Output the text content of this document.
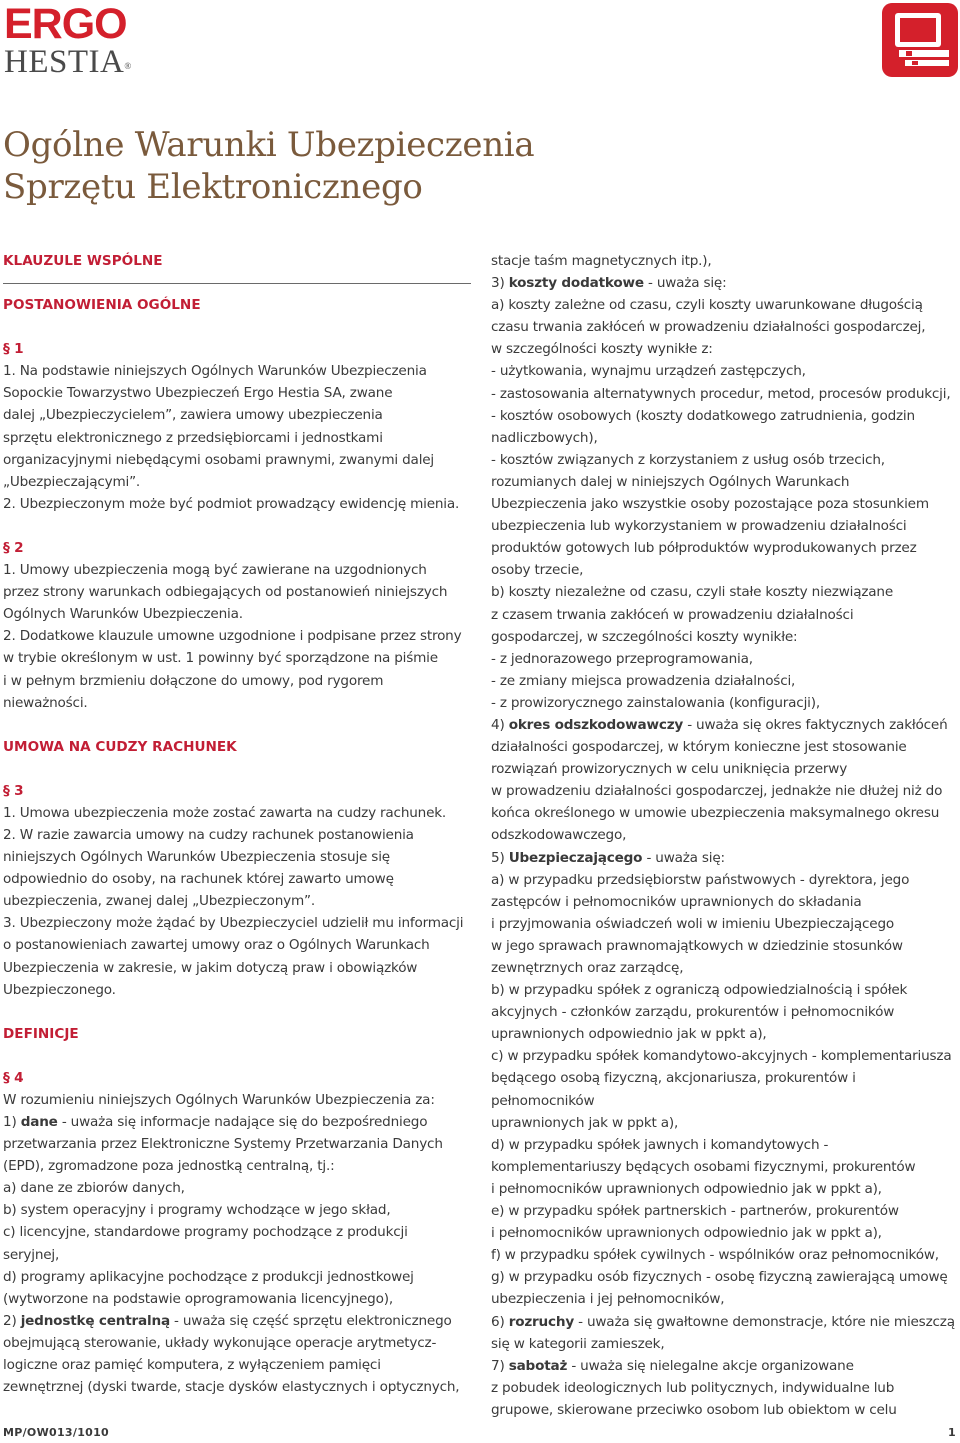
ERGO
HESTIA®
Ogólne Warunki Ubezpieczenia
Sprzętu Elektronicznego

KLAUZULE WSPÓLNE

POSTANOWIENIA OGÓLNE

§ 1

1. Na podstawie niniejszych Ogólnych Warunków Ubezpieczenia
Sopockie Towarzystwo Ubezpieczeń Ergo Hestia SA, zwane
dalej „Ubezpieczycielem”, zawiera umowy ubezpieczenia
sprzętu elektronicznego z przedsiębiorcami i jednostkami
organizacyjnymi niebędącymi osobami prawnymi, zwanymi dalej
„Ubezpieczającymi”.

2. Ubezpieczonym może być podmiot prowadzący ewidencję mienia.

§ 2

1. Umowy ubezpieczenia mogą być zawierane na uzgodnionych
przez strony warunkach odbiegających od postanowień niniejszych
Ogólnych Warunków Ubezpieczenia.

2. Dodatkowe klauzule umowne uzgodnione i podpisane przez strony
w trybie określonym w ust. 1 powinny być sporządzone na piśmie
i w pełnym brzmieniu dołączone do umowy, pod rygorem
nieważności.

UMOWA NA CUDZY RACHUNEK

§ 3

1. Umowa ubezpieczenia może zostać zawarta na cudzy rachunek.

2. W razie zawarcia umowy na cudzy rachunek postanowienia
niniejszych Ogólnych Warunków Ubezpieczenia stosuje się
odpowiednio do osoby, na rachunek której zawarto umowę
ubezpieczenia, zwanej dalej „Ubezpieczonym”.

3. Ubezpieczony może żądać by Ubezpieczyciel udzielił mu informacji
o postanowieniach zawartej umowy oraz o Ogólnych Warunkach
Ubezpieczenia w zakresie, w jakim dotyczą praw i obowiązków
Ubezpieczonego.

DEFINICJE

§ 4

W rozumieniu niniejszych Ogólnych Warunków Ubezpieczenia za:

1) dane - uważa się informacje nadające się do bezpośredniego
przetwarzania przez Elektroniczne Systemy Przetwarzania Danych
(EPD), zgromadzone poza jednostką centralną, tj.:

a) dane ze zbiorów danych,

b) system operacyjny i programy wchodzące w jego skład,

c) licencyjne, standardowe programy pochodzące z produkcji
seryjnej,

d) programy aplikacyjne pochodzące z produkcji jednostkowej
(wytworzone na podstawie oprogramowania licencyjnego),

2) jednostkę centralną - uważa się część sprzętu elektronicznego
obejmującą sterowanie, układy wykonujące operacje arytmetycz-
logiczne oraz pamięć komputera, z wyłączeniem pamięci
zewnętrznej (dyski twarde, stacje dysków elastycznych i optycznych,

stacje taśm magnetycznych itp.),

3) koszty dodatkowe - uważa się:

a) koszty zależne od czasu, czyli koszty uwarunkowane długością
czasu trwania zakłóceń w prowadzeniu działalności gospodarczej,
w szczególności koszty wynikłe z:
- użytkowania, wynajmu urządzeń zastępczych,
- zastosowania alternatywnych procedur, metod, procesów produkcji,
- kosztów osobowych (koszty dodatkowego zatrudnienia, godzin
nadliczbowych),
- kosztów związanych z korzystaniem z usług osób trzecich,
rozumianych dalej w niniejszych Ogólnych Warunkach
Ubezpieczenia jako wszystkie osoby pozostające poza stosunkiem
ubezpieczenia lub wykorzystaniem w prowadzeniu działalności
produktów gotowych lub półproduktów wyprodukowanych przez
osoby trzecie,

b) koszty niezależne od czasu, czyli stałe koszty niezwiązane
z czasem trwania zakłóceń w prowadzeniu działalności
gospodarczej, w szczególności koszty wynikłe:
- z jednorazowego przeprogramowania,
- ze zmiany miejsca prowadzenia działalności,
- z prowizorycznego zainstalowania (konfiguracji),

4) okres odszkodowawczy - uważa się okres faktycznych zakłóceń
działalności gospodarczej, w którym konieczne jest stosowanie
rozwiązań prowizorycznych w celu uniknięcia przerwy
w prowadzeniu działalności gospodarczej, jednakże nie dłużej niż do
końca określonego w umowie ubezpieczenia maksymalnego okresu
odszkodowawczego,

5) Ubezpieczającego - uważa się:

a) w przypadku przedsiębiorstw państwowych - dyrektora, jego
zastępców i pełnomocników uprawnionych do składania
i przyjmowania oświadczeń woli w imieniu Ubezpieczającego
w jego sprawach prawnomajątkowych w dziedzinie stosunków
zewnętrznych oraz zarządcę,
b) w przypadku spółek z ograniczą odpowiedzialnością i spółek
akcyjnych - członków zarządu, prokurentów i pełnomocników
uprawnionych odpowiednio jak w ppkt a),
c) w przypadku spółek komandytowo-akcyjnych - komplementariusza
będącego osobą fizyczną, akcjonariusza, prokurentów i pełnomocników
uprawnionych jak w ppkt a),
d) w przypadku spółek jawnych i komandytowych -
komplementariuszy będących osobami fizycznymi, prokurentów
i pełnomocników uprawnionych odpowiednio jak w ppkt a),
e) w przypadku spółek partnerskich - partnerów, prokurentów
i pełnomocników uprawnionych odpowiednio jak w ppkt a),
f) w przypadku spółek cywilnych - wspólników oraz pełnomocników,
g) w przypadku osób fizycznych - osobę fizyczną zawierającą umowę
ubezpieczenia i jej pełnomocników,

6) rozruchy - uważa się gwałtowne demonstracje, które nie mieszczą
się w kategorii zamieszek,

7) sabotaż - uważa się nielegalne akcje organizowane
z pobudek ideologicznych lub politycznych, indywidualne lub
grupowe, skierowane przeciwko osobom lub obiektom w celu

MP/OW013/1010	1
